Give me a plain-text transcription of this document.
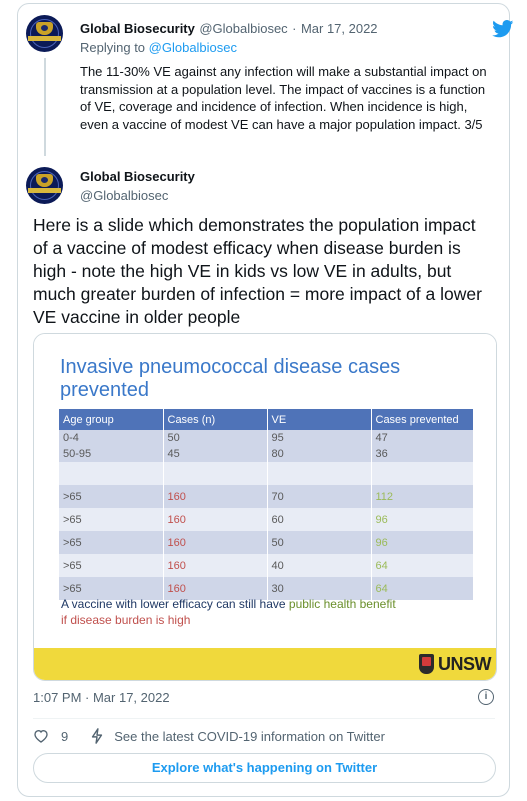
Global Biosecurity @Globalbiosec · Mar 17, 2022
Replying to @Globalbiosec
The 11-30% VE against any infection will make a substantial impact on transmission at a population level. The impact of vaccines is a function of VE, coverage and incidence of infection. When incidence is high, even a vaccine of modest VE can have a major population impact. 3/5
Global Biosecurity
@Globalbiosec
Here is a slide which demonstrates the population impact of a vaccine of modest efficacy when disease burden is high - note the high VE in kids vs low VE in adults, but much greater burden of infection = more impact of a lower VE vaccine in older people
Invasive pneumococcal disease cases prevented
Age group	Cases (n)	VE	Cases prevented
0-4	50	95	47
50-95	45	80	36

>65	160	70	112
>65	160	60	96
>65	160	50	96
>65	160	40	64
>65	160	30	64
A vaccine with lower efficacy can still have public health benefit
if disease burden is high
UNSW
1:07 PM · Mar 17, 2022	i
9	See the latest COVID-19 information on Twitter
Explore what's happening on Twitter
